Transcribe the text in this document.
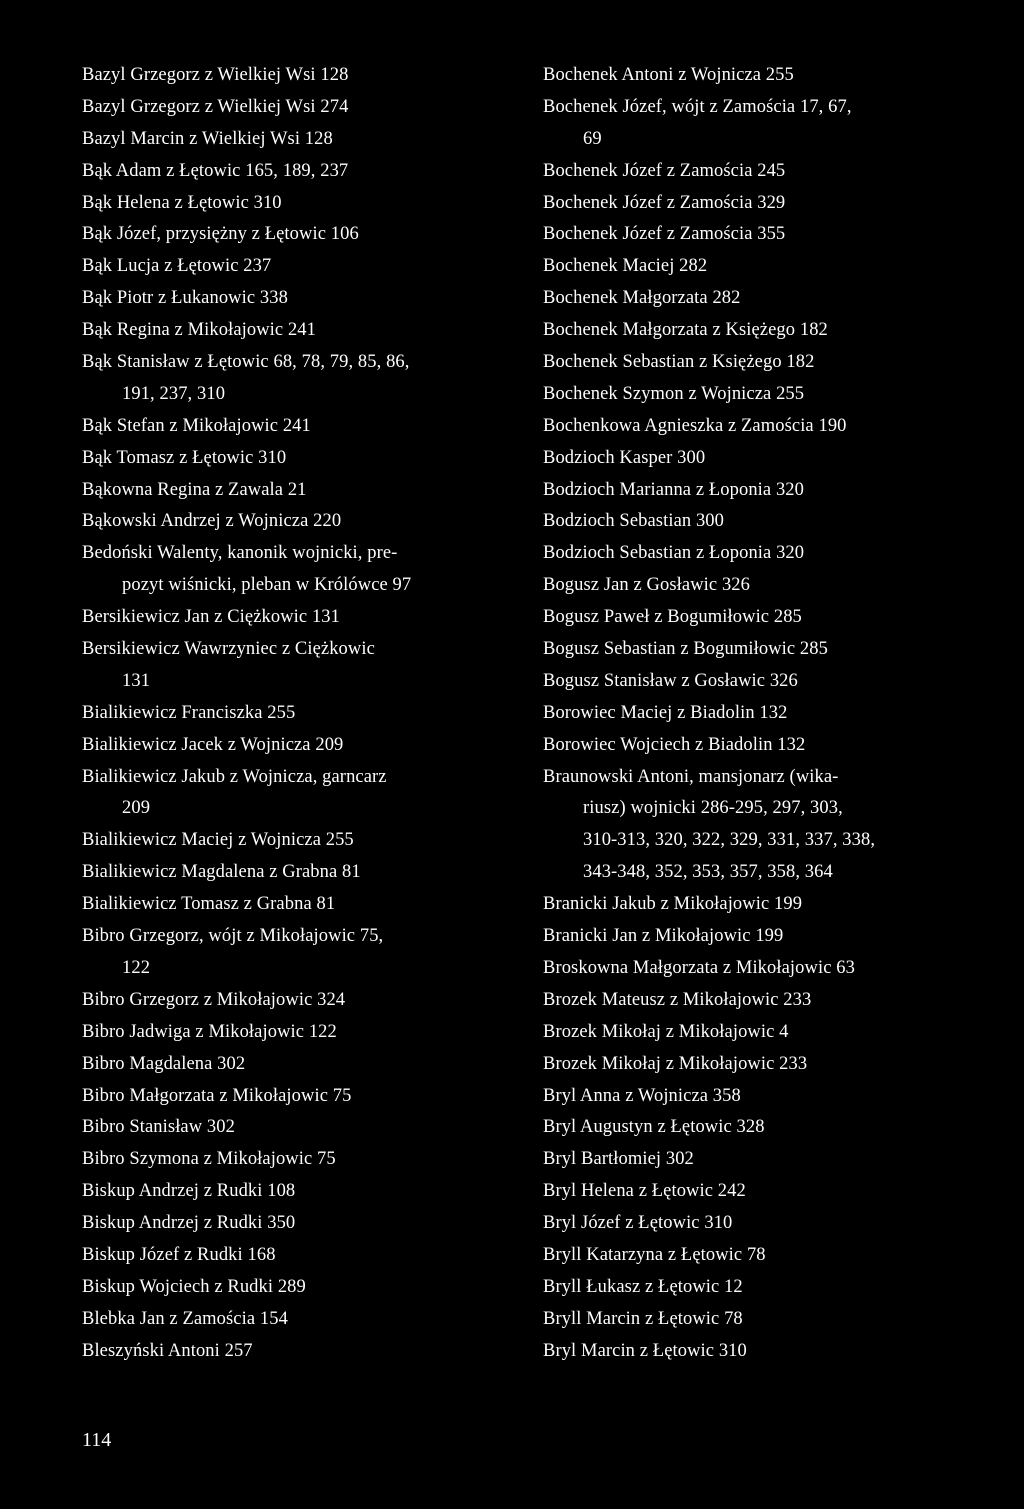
Bazyl Grzegorz z Wielkiej Wsi 128
Bazyl Grzegorz z Wielkiej Wsi 274
Bazyl Marcin z Wielkiej Wsi 128
Bąk Adam z Łętowic 165, 189, 237
Bąk Helena z Łętowic 310
Bąk Józef, przysiężny z Łętowic 106
Bąk Lucja z Łętowic 237
Bąk Piotr z Łukanowic 338
Bąk Regina z Mikołajowic 241
Bąk Stanisław z Łętowic 68, 78, 79, 85, 86,
191, 237, 310
Bąk Stefan z Mikołajowic 241
Bąk Tomasz z Łętowic 310
Bąkowna Regina z Zawala 21
Bąkowski Andrzej z Wojnicza 220
Bedoński Walenty, kanonik wojnicki, pre-
pozyt wiśnicki, pleban w Królówce 97
Bersikiewicz Jan z Ciężkowic 131
Bersikiewicz Wawrzyniec z Ciężkowic
131
Bialikiewicz Franciszka 255
Bialikiewicz Jacek z Wojnicza 209
Bialikiewicz Jakub z Wojnicza, garncarz
209
Bialikiewicz Maciej z Wojnicza 255
Bialikiewicz Magdalena z Grabna 81
Bialikiewicz Tomasz z Grabna 81
Bibro Grzegorz, wójt z Mikołajowic 75,
122
Bibro Grzegorz z Mikołajowic 324
Bibro Jadwiga z Mikołajowic 122
Bibro Magdalena 302
Bibro Małgorzata z Mikołajowic 75
Bibro Stanisław 302
Bibro Szymona z Mikołajowic 75
Biskup Andrzej z Rudki 108
Biskup Andrzej z Rudki 350
Biskup Józef z Rudki 168
Biskup Wojciech z Rudki 289
Blebka Jan z Zamościa 154
Bleszyński Antoni 257
Bochenek Antoni z Wojnicza 255
Bochenek Józef, wójt z Zamościa 17, 67,
69
Bochenek Józef z Zamościa 245
Bochenek Józef z Zamościa 329
Bochenek Józef z Zamościa 355
Bochenek Maciej 282
Bochenek Małgorzata 282
Bochenek Małgorzata z Księżego 182
Bochenek Sebastian z Księżego 182
Bochenek Szymon z Wojnicza 255
Bochenkowa Agnieszka z Zamościa 190
Bodzioch Kasper 300
Bodzioch Marianna z Łoponia 320
Bodzioch Sebastian 300
Bodzioch Sebastian z Łoponia 320
Bogusz Jan z Gosławic 326
Bogusz Paweł z Bogumiłowic 285
Bogusz Sebastian z Bogumiłowic 285
Bogusz Stanisław z Gosławic 326
Borowiec Maciej z Biadolin 132
Borowiec Wojciech z Biadolin 132
Braunowski Antoni, mansjonarz (wika-
riusz) wojnicki 286-295, 297, 303,
310-313, 320, 322, 329, 331, 337, 338,
343-348, 352, 353, 357, 358, 364
Branicki Jakub z Mikołajowic 199
Branicki Jan z Mikołajowic 199
Broskowna Małgorzata z Mikołajowic 63
Brozek Mateusz z Mikołajowic 233
Brozek Mikołaj z Mikołajowic 4
Brozek Mikołaj z Mikołajowic 233
Bryl Anna z Wojnicza 358
Bryl Augustyn z Łętowic 328
Bryl Bartłomiej 302
Bryl Helena z Łętowic 242
Bryl Józef z Łętowic 310
Bryll Katarzyna z Łętowic 78
Bryll Łukasz z Łętowic 12
Bryll Marcin z Łętowic 78
Bryl Marcin z Łętowic 310
114
